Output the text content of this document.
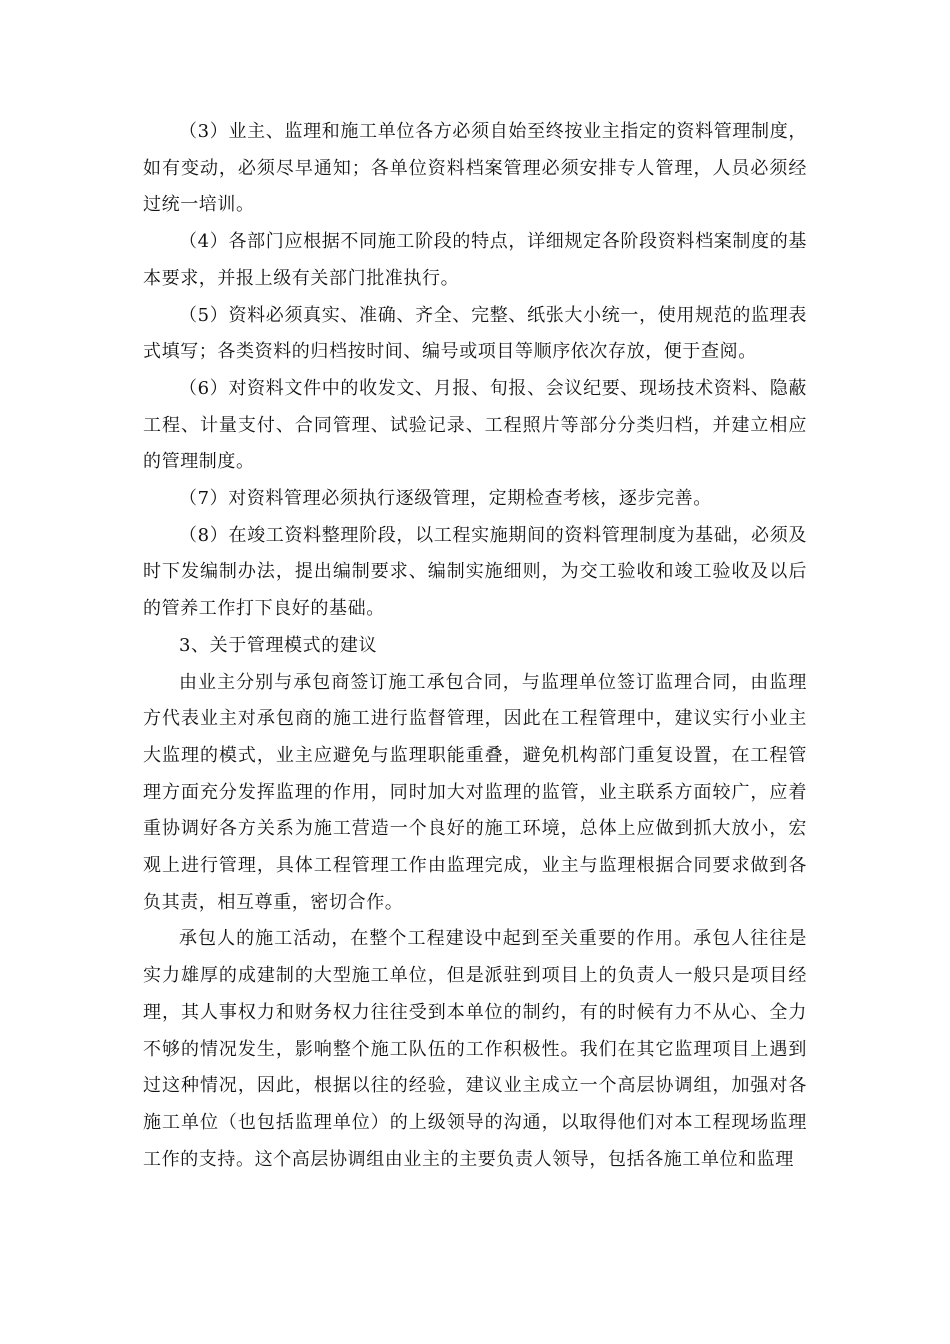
（3）业主、监理和施工单位各方必须自始至终按业主指定的资料管理制度，如有变动，必须尽早通知；各单位资料档案管理必须安排专人管理，人员必须经过统一培训。

（4）各部门应根据不同施工阶段的特点，详细规定各阶段资料档案制度的基本要求，并报上级有关部门批准执行。

（5）资料必须真实、准确、齐全、完整、纸张大小统一，使用规范的监理表式填写；各类资料的归档按时间、编号或项目等顺序依次存放，便于查阅。

（6）对资料文件中的收发文、月报、旬报、会议纪要、现场技术资料、隐蔽工程、计量支付、合同管理、试验记录、工程照片等部分分类归档，并建立相应的管理制度。

（7）对资料管理必须执行逐级管理，定期检查考核，逐步完善。

（8）在竣工资料整理阶段，以工程实施期间的资料管理制度为基础，必须及时下发编制办法，提出编制要求、编制实施细则，为交工验收和竣工验收及以后的管养工作打下良好的基础。

3、关于管理模式的建议

由业主分别与承包商签订施工承包合同，与监理单位签订监理合同，由监理方代表业主对承包商的施工进行监督管理，因此在工程管理中，建议实行小业主大监理的模式，业主应避免与监理职能重叠，避免机构部门重复设置，在工程管理方面充分发挥监理的作用，同时加大对监理的监管，业主联系方面较广，应着重协调好各方关系为施工营造一个良好的施工环境，总体上应做到抓大放小，宏观上进行管理，具体工程管理工作由监理完成，业主与监理根据合同要求做到各负其责，相互尊重，密切合作。

承包人的施工活动，在整个工程建设中起到至关重要的作用。承包人往往是实力雄厚的成建制的大型施工单位，但是派驻到项目上的负责人一般只是项目经理，其人事权力和财务权力往往受到本单位的制约，有的时候有力不从心、全力不够的情况发生，影响整个施工队伍的工作积极性。我们在其它监理项目上遇到过这种情况，因此，根据以往的经验，建议业主成立一个高层协调组，加强对各施工单位（也包括监理单位）的上级领导的沟通，以取得他们对本工程现场监理工作的支持。这个高层协调组由业主的主要负责人领导，包括各施工单位和监理
